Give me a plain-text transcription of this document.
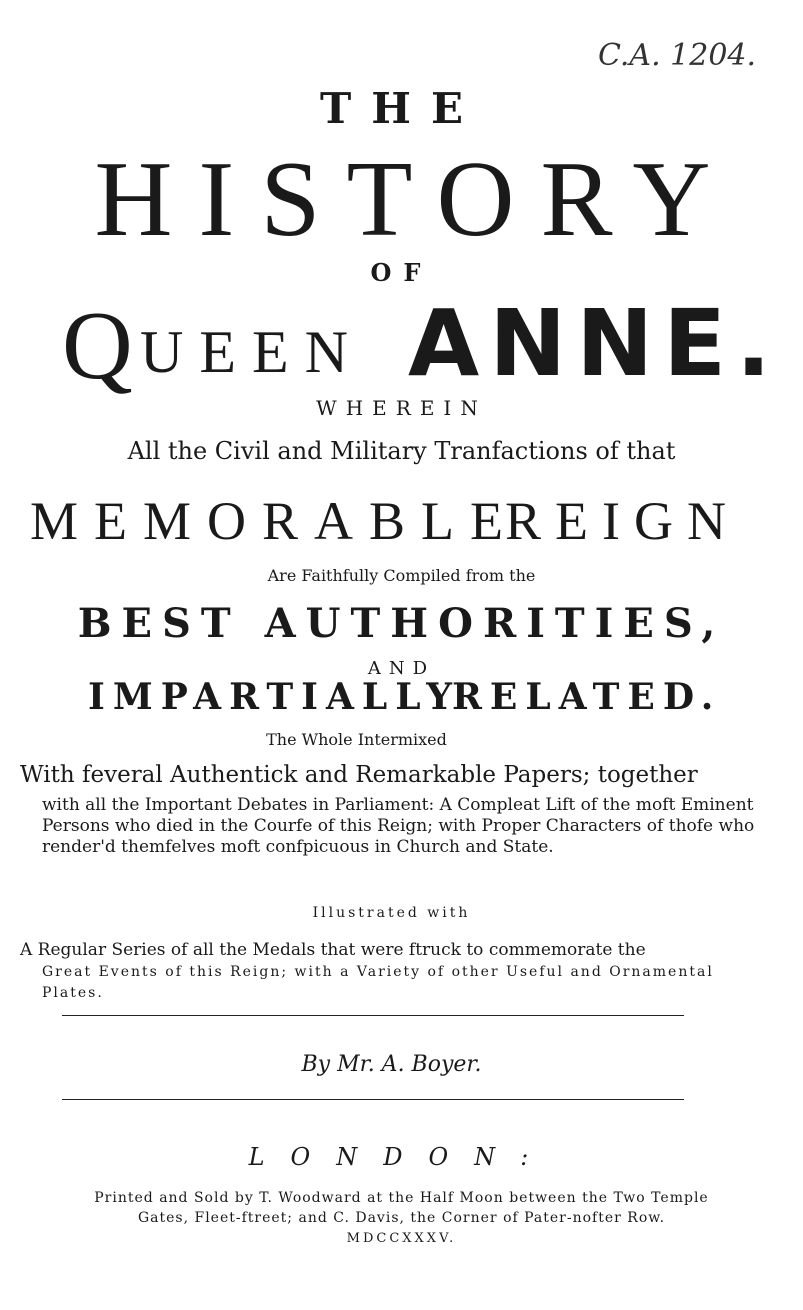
C.A. 1204.
THE
HISTORY
OF
Q UEEN ANNE.
WHEREIN
All the Civil and Military Tranfactions of that
MEMORABLE
REIGN
Are Faithfully Compiled from the
BEST AUTHORITIES,
AND
IMPARTIALLY
RELATED.
The Whole Intermixed
With feveral Authentick and Remarkable Papers; together
with all the Important Debates in Parliament: A Compleat Lift of the moft Eminent Persons who died in the Courfe of this Reign; with Proper Characters of thofe who render'd themfelves moft confpicuous in Church and State.
Illustrated with
A Regular Series of all the Medals that were ftruck to commemorate the
Great Events of this Reign; with a Variety of other Useful and Ornamental Plates.
By Mr. A. Boyer.
LONDON:
Printed and Sold by T. Woodward at the Half Moon between the Two Temple
Gates, Fleet-ftreet; and C. Davis, the Corner of Pater-nofter Row.
MDCCXXXV.
